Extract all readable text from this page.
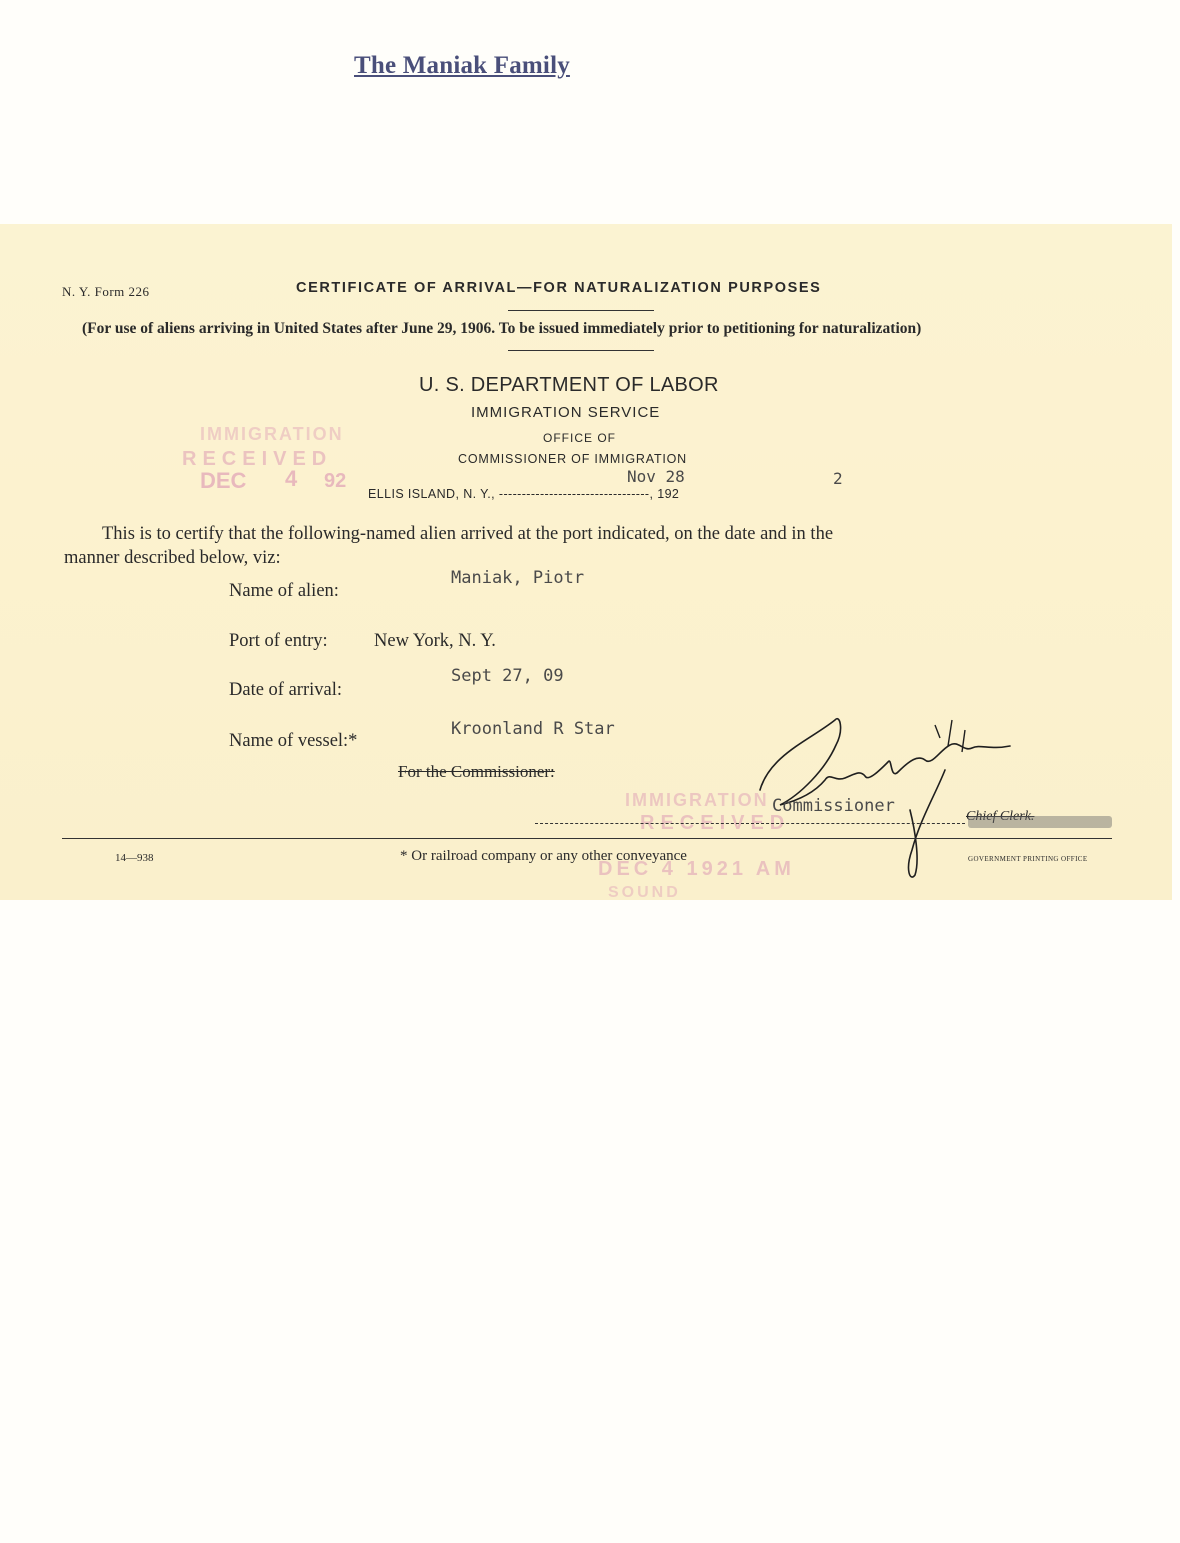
The Maniak Family
IMMIGRATION
RECEIVED
DEC 4 92
IMMIGRATION
RECEIVED
DEC 4 1921 AM
SOUND
N. Y. Form 226	CERTIFICATE OF ARRIVAL—FOR NATURALIZATION PURPOSES
(For use of aliens arriving in United States after June 29, 1906. To be issued immediately prior to petitioning for naturalization)
U. S. DEPARTMENT OF LABOR
IMMIGRATION SERVICE
OFFICE OF
COMMISSIONER OF IMMIGRATION
Nov 28	2
ELLIS ISLAND, N. Y., ---------------------------------, 192
This is to certify that the following-named alien arrived at the port indicated, on the date and in the
manner described below, viz:
Name of alien:
Maniak, Piotr
Port of entry:	New York, N. Y.
Date of arrival:
Sept 27, 09
Name of vessel:*
Kroonland R Star
For the Commissioner:
Commissioner
Chief Clerk.
14—938	* Or railroad company or any other conveyance	GOVERNMENT PRINTING OFFICE
